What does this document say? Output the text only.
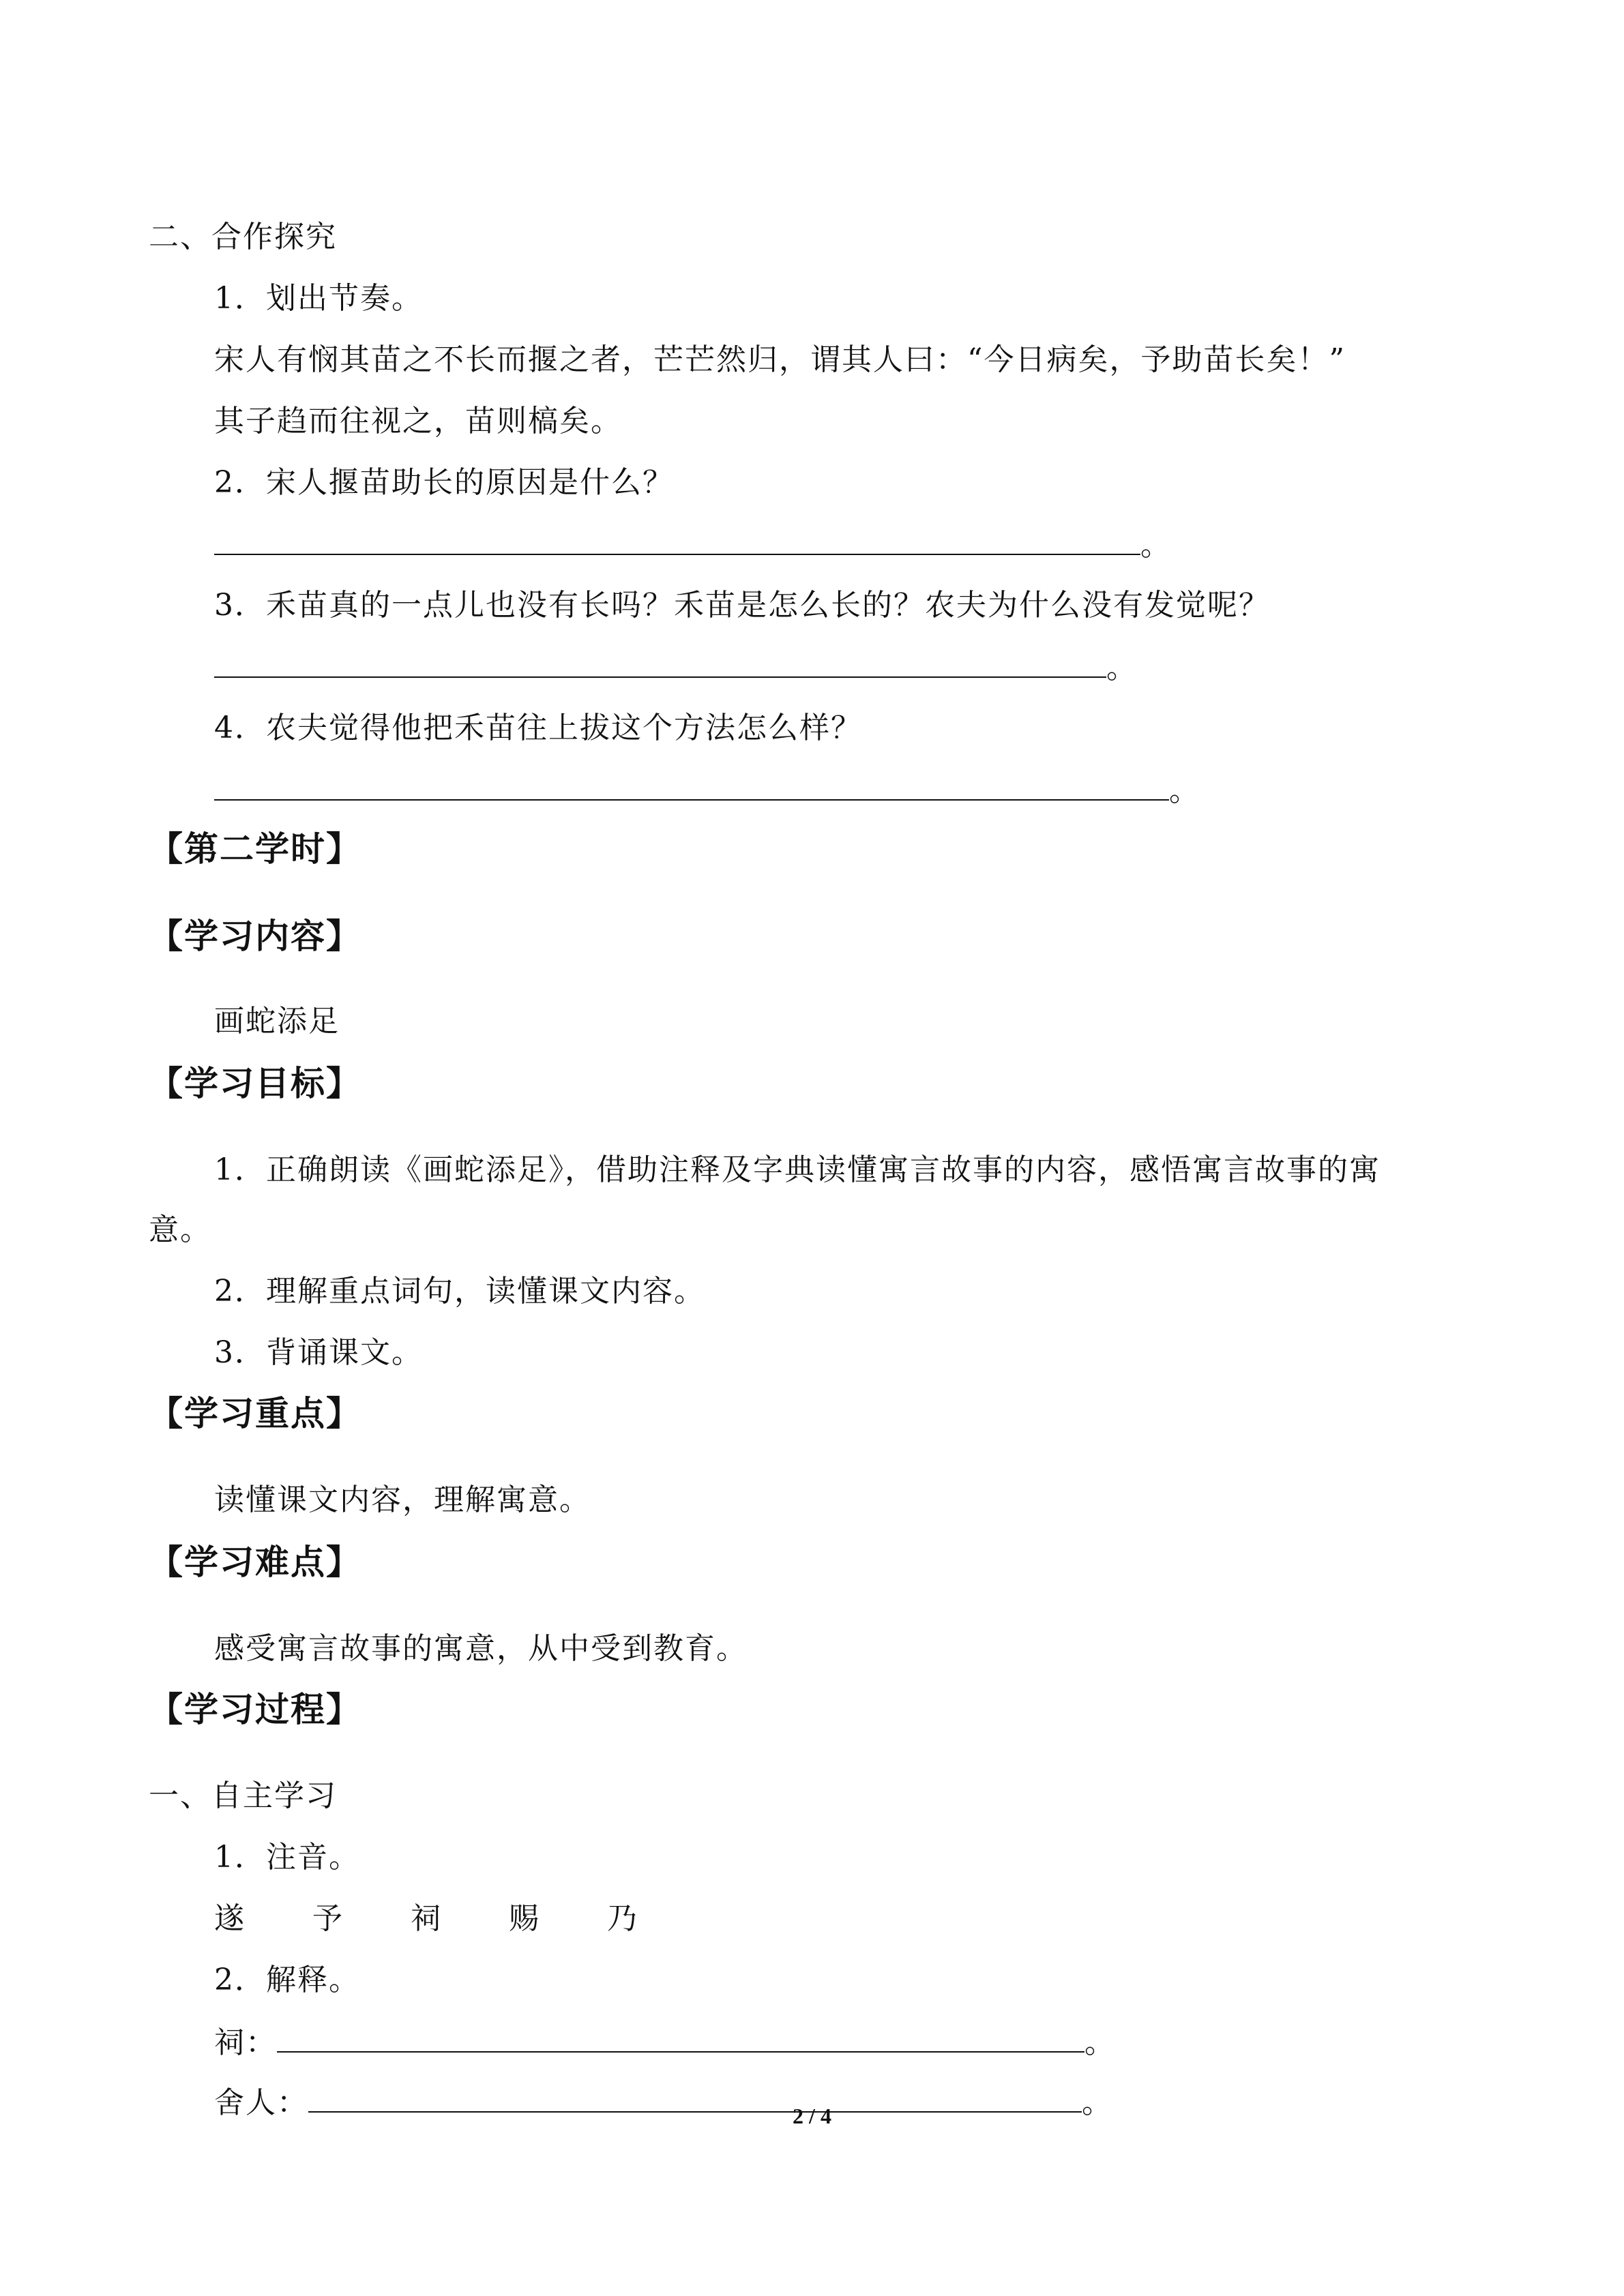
二、合作探究
1．划出节奏。
宋人有悯其苗之不长而揠之者，芒芒然归，谓其人曰：“今日病矣，予助苗长矣！”
其子趋而往视之，苗则槁矣。
2．宋人揠苗助长的原因是什么？
。
3．禾苗真的一点儿也没有长吗？禾苗是怎么长的？农夫为什么没有发觉呢？
。
4．农夫觉得他把禾苗往上拔这个方法怎么样？
。
【第二学时】
【学习内容】
画蛇添足
【学习目标】
1．正确朗读《画蛇添足》，借助注释及字典读懂寓言故事的内容，感悟寓言故事的寓
意。
2．理解重点词句，读懂课文内容。
3．背诵课文。
【学习重点】
读懂课文内容，理解寓意。
【学习难点】
感受寓言故事的寓意，从中受到教育。
【学习过程】
一、自主学习
1．注音。
遂 予 祠 赐 乃
2．解释。
祠：	。
舍人：	。
2 / 4
